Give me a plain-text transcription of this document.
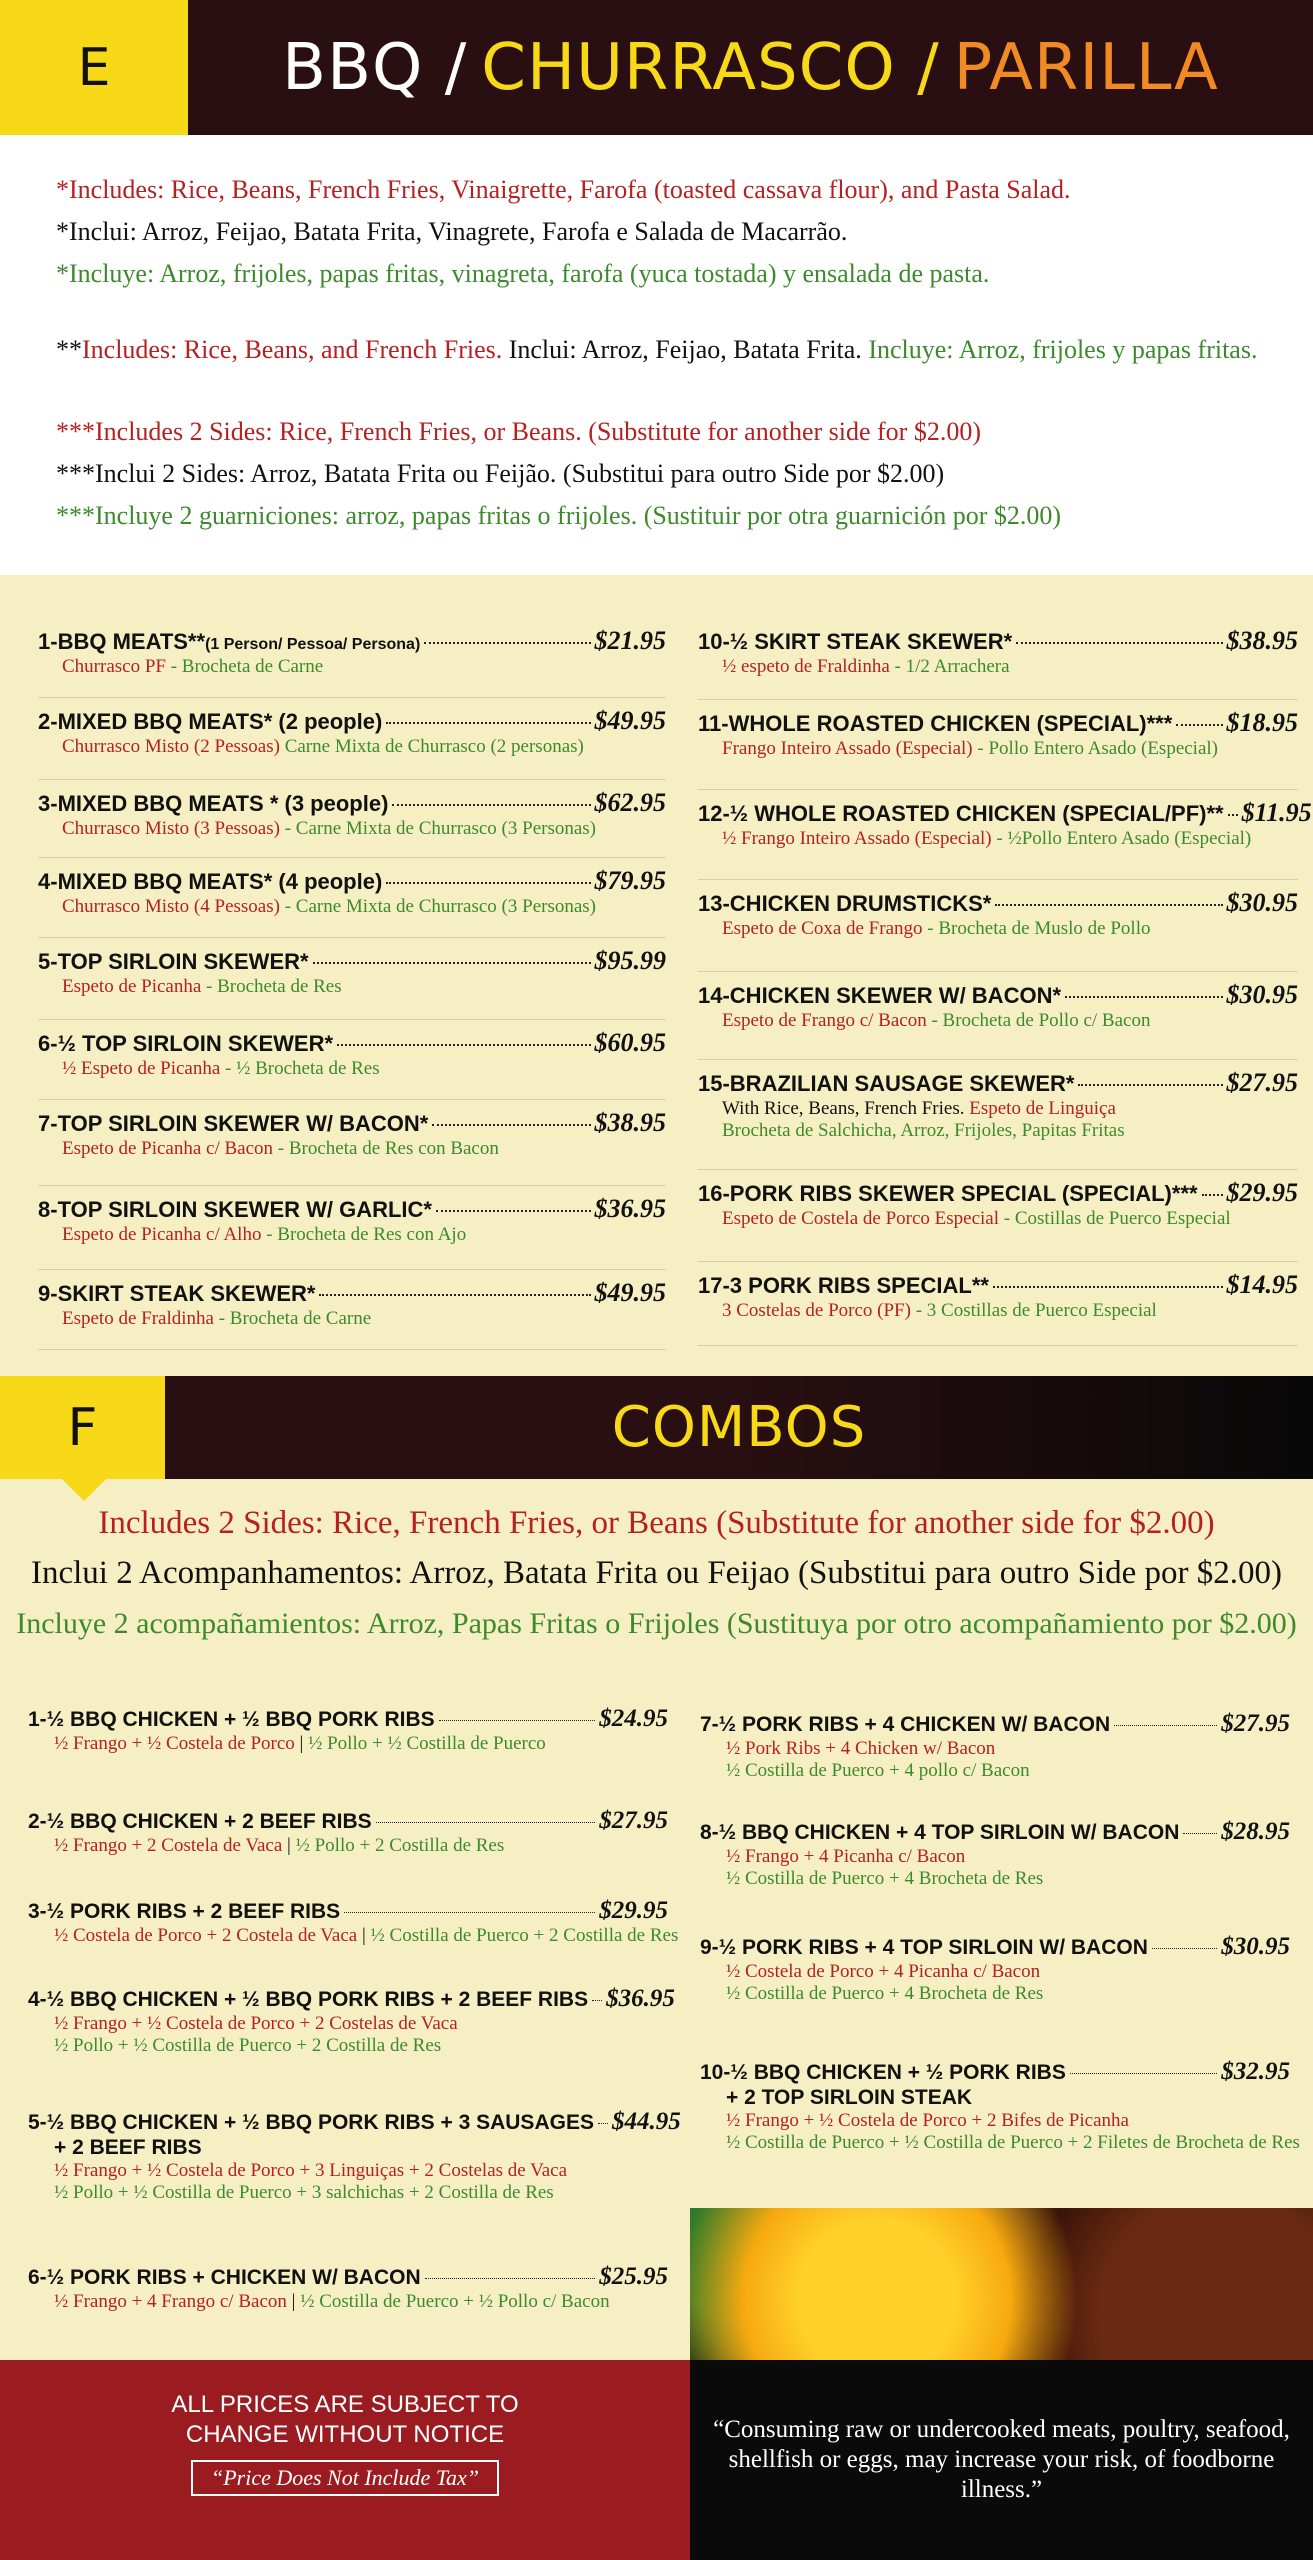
E	BBQ / CHURRASCO / PARILLA

*Includes: Rice, Beans, French Fries, Vinaigrette, Farofa (toasted cassava flour), and Pasta Salad.

*Inclui: Arroz, Feijao, Batata Frita, Vinagrete, Farofa e Salada de Macarrão.

*Incluye: Arroz, frijoles, papas fritas, vinagreta, farofa (yuca tostada) y ensalada de pasta.

**Includes: Rice, Beans, and French Fries. Inclui: Arroz, Feijao, Batata Frita. Incluye: Arroz, frijoles y papas fritas.

***Includes 2 Sides: Rice, French Fries, or Beans. (Substitute for another side for $2.00)

***Inclui 2 Sides: Arroz, Batata Frita ou Feijão. (Substitui para outro Side por $2.00)

***Incluye 2 guarniciones: arroz, papas fritas o frijoles. (Sustituir por otra guarnición por $2.00)

1- BBQ MEATS** (1 Person/ Pessoa/ Persona)	$21.95
Churrasco PF - Brocheta de Carne
2- MIXED BBQ MEATS* (2 people)	$49.95
Churrasco Misto (2 Pessoas) Carne Mixta de Churrasco (2 personas)
3- MIXED BBQ MEATS * (3 people)	$62.95
Churrasco Misto (3 Pessoas) - Carne Mixta de Churrasco (3 Personas)
4- MIXED BBQ MEATS* (4 people)	$79.95
Churrasco Misto (4 Pessoas) - Carne Mixta de Churrasco (3 Personas)
5- TOP SIRLOIN SKEWER*	$95.99
Espeto de Picanha - Brocheta de Res
6- ½ TOP SIRLOIN SKEWER*	$60.95
½ Espeto de Picanha - ½ Brocheta de Res
7- TOP SIRLOIN SKEWER W/ BACON*	$38.95
Espeto de Picanha c/ Bacon - Brocheta de Res con Bacon
8- TOP SIRLOIN SKEWER W/ GARLIC*	$36.95
Espeto de Picanha c/ Alho - Brocheta de Res con Ajo
9- SKIRT STEAK SKEWER*	$49.95
Espeto de Fraldinha - Brocheta de Carne
10- ½ SKIRT STEAK SKEWER*	$38.95
½ espeto de Fraldinha - 1/2 Arrachera
11- WHOLE ROASTED CHICKEN (SPECIAL)*** $18.95
Frango Inteiro Assado (Especial) - Pollo Entero Asado (Especial)
12- ½ WHOLE ROASTED CHICKEN (SPECIAL/PF)** $11.95
½ Frango Inteiro Assado (Especial) - ½Pollo Entero Asado (Especial)
13- CHICKEN DRUMSTICKS*	$30.95
Espeto de Coxa de Frango - Brocheta de Muslo de Pollo
14- CHICKEN SKEWER W/ BACON*	$30.95
Espeto de Frango c/ Bacon - Brocheta de Pollo c/ Bacon
15- BRAZILIAN SAUSAGE SKEWER*	$27.95
With Rice, Beans, French Fries. Espeto de Linguiça
Brocheta de Salchicha, Arroz, Frijoles, Papitas Fritas
16- PORK RIBS SKEWER SPECIAL (SPECIAL)*** $29.95
Espeto de Costela de Porco Especial - Costillas de Puerco Especial
17- 3 PORK RIBS SPECIAL**	$14.95
3 Costelas de Porco (PF) - 3 Costillas de Puerco Especial
F	COMBOS
Includes 2 Sides: Rice, French Fries, or Beans (Substitute for another side for $2.00)
Inclui 2 Acompanhamentos: Arroz, Batata Frita ou Feijao (Substitui para outro Side por $2.00)
Incluye 2 acompañamientos: Arroz, Papas Fritas o Frijoles (Sustituya por otro acompañamiento por $2.00)
1-½ BBQ CHICKEN + ½ BBQ PORK RIBS	$24.95
½ Frango + ½ Costela de Porco | ½ Pollo + ½ Costilla de Puerco
2-½ BBQ CHICKEN + 2 BEEF RIBS	$27.95
½ Frango + 2 Costela de Vaca | ½ Pollo + 2 Costilla de Res
3-½ PORK RIBS + 2 BEEF RIBS	$29.95
½ Costela de Porco + 2 Costela de Vaca | ½ Costilla de Puerco + 2 Costilla de Res
4-½ BBQ CHICKEN + ½ BBQ PORK RIBS + 2 BEEF RIBS $36.95
½ Frango + ½ Costela de Porco + 2 Costelas de Vaca
½ Pollo + ½ Costilla de Puerco + 2 Costilla de Res
5-½ BBQ CHICKEN + ½ BBQ PORK RIBS + 3 SAUSAGES $44.95
+ 2 BEEF RIBS
½ Frango + ½ Costela de Porco + 3 Linguiças + 2 Costelas de Vaca
½ Pollo + ½ Costilla de Puerco + 3 salchichas + 2 Costilla de Res
6-½ PORK RIBS + CHICKEN W/ BACON	$25.95
½ Frango + 4 Frango c/ Bacon | ½ Costilla de Puerco + ½ Pollo c/ Bacon
7-½ PORK RIBS + 4 CHICKEN W/ BACON	$27.95
½ Pork Ribs + 4 Chicken w/ Bacon
½ Costilla de Puerco + 4 pollo c/ Bacon
8-½ BBQ CHICKEN + 4 TOP SIRLOIN W/ BACON $28.95
½ Frango + 4 Picanha c/ Bacon
½ Costilla de Puerco + 4 Brocheta de Res
9-½ PORK RIBS + 4 TOP SIRLOIN W/ BACON	$30.95
½ Costela de Porco + 4 Picanha c/ Bacon
½ Costilla de Puerco + 4 Brocheta de Res
10-½ BBQ CHICKEN + ½ PORK RIBS	$32.95
+ 2 TOP SIRLOIN STEAK
½ Frango + ½ Costela de Porco + 2 Bifes de Picanha
½ Costilla de Puerco + ½ Costilla de Puerco + 2 Filetes de Brocheta de Res
ALL PRICES ARE SUBJECT TO
CHANGE WITHOUT NOTICE
“Price Does Not Include Tax”
“Consuming raw or undercooked meats, poultry, seafood, shellfish or eggs, may increase your risk, of foodborne illness.”
